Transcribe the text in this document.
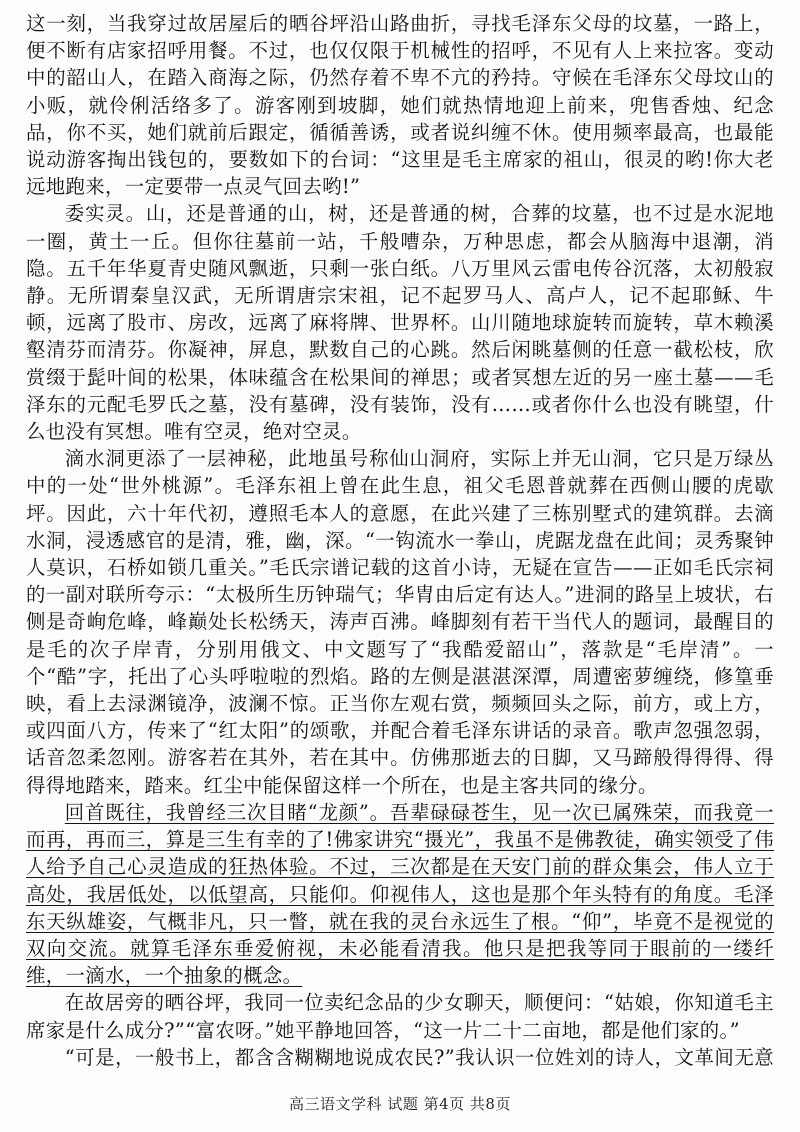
这一刻，当我穿过故居屋后的晒谷坪沿山路曲折，寻找毛泽东父母的坟墓，一路上，便不断有店家招呼用餐。不过，也仅仅限于机械性的招呼，不见有人上来拉客。变动中的韶山人，在踏入商海之际，仍然存着不卑不亢的矜持。守候在毛泽东父母坟山的小贩，就伶俐活络多了。游客刚到坡脚，她们就热情地迎上前来，兜售香烛、纪念品，你不买，她们就前后跟定，循循善诱，或者说纠缠不休。使用频率最高，也最能说动游客掏出钱包的，要数如下的台词：“这里是毛主席家的祖山，很灵的哟!你大老远地跑来，一定要带一点灵气回去哟!”

委实灵。山，还是普通的山，树，还是普通的树，合葬的坟墓，也不过是水泥地一圈，黄土一丘。但你往墓前一站，千般嘈杂，万种思虑，都会从脑海中退潮，消隐。五千年华夏青史随风飘逝，只剩一张白纸。八万里风云雷电传谷沉落，太初般寂静。无所谓秦皇汉武，无所谓唐宗宋祖，记不起罗马人、高卢人，记不起耶稣、牛顿，远离了股市、房改，远离了麻将牌、世界杯。山川随地球旋转而旋转，草木赖溪壑清芬而清芬。你凝神，屏息，默数自己的心跳。然后闲眺墓侧的任意一截松枝，欣赏缀于髭叶间的松果，体味蕴含在松果间的禅思；或者冥想左近的另一座土墓——毛泽东的元配毛罗氏之墓，没有墓碑，没有装饰，没有……或者你什么也没有眺望，什么也没有冥想。唯有空灵，绝对空灵。

滴水洞更添了一层神秘，此地虽号称仙山洞府，实际上并无山洞，它只是万绿丛中的一处“世外桃源”。毛泽东祖上曾在此生息，祖父毛恩普就葬在西侧山腰的虎歇坪。因此，六十年代初，遵照毛本人的意愿，在此兴建了三栋别墅式的建筑群。去滴水洞，浸透感官的是清，雅，幽，深。“一钩流水一拳山，虎踞龙盘在此间；灵秀聚钟人莫识，石桥如锁几重关。”毛氏宗谱记载的这首小诗，无疑在宣告——正如毛氏宗祠的一副对联所夸示：“太极所生历钟瑞气；华胄由后定有达人。”进洞的路呈上坡状，右侧是奇峋危峰，峰巅处长松绣天，涛声百沸。峰脚刻有若干当代人的题词，最醒目的是毛的次子岸青，分别用俄文、中文题写了“我酷爱韶山”，落款是“毛岸清”。一个“酷”字，托出了心头呼啦啦的烈焰。路的左侧是湛湛深潭，周遭密萝缠绕，修篁垂映，看上去渌渊镜净，波澜不惊。正当你左观右赏，频频回头之际，前方，或上方，或四面八方，传来了“红太阳”的颂歌，并配合着毛泽东讲话的录音。歌声忽强忽弱，话音忽柔忽刚。游客若在其外，若在其中。仿佛那逝去的日脚，又马蹄般得得得、得得得地踏来，踏来。红尘中能保留这样一个所在，也是主客共同的缘分。

回首既往，我曾经三次目睹“龙颜”。吾辈碌碌苍生，见一次已属殊荣，而我竟一而再，再而三，算是三生有幸的了!佛家讲究“摄光”，我虽不是佛教徒，确实领受了伟人给予自己心灵造成的狂热体验。不过，三次都是在天安门前的群众集会，伟人立于高处，我居低处，以低望高，只能仰。仰视伟人，这也是那个年头特有的角度。毛泽东天纵雄姿，气概非凡，只一瞥，就在我的灵台永远生了根。“仰”，毕竟不是视觉的双向交流。就算毛泽东垂爱俯视，未必能看清我。他只是把我等同于眼前的一缕纤维，一滴水，一个抽象的概念。

在故居旁的晒谷坪，我同一位卖纪念品的少女聊天，顺便问：“姑娘，你知道毛主席家是什么成分?”“富农呀。”她平静地回答，“这一片二十二亩地，都是他们家的。”

“可是，一般书上，都含含糊糊地说成农民?”我认识一位姓刘的诗人，文革间无意

高三语文学科 试题 第4页 共8页
